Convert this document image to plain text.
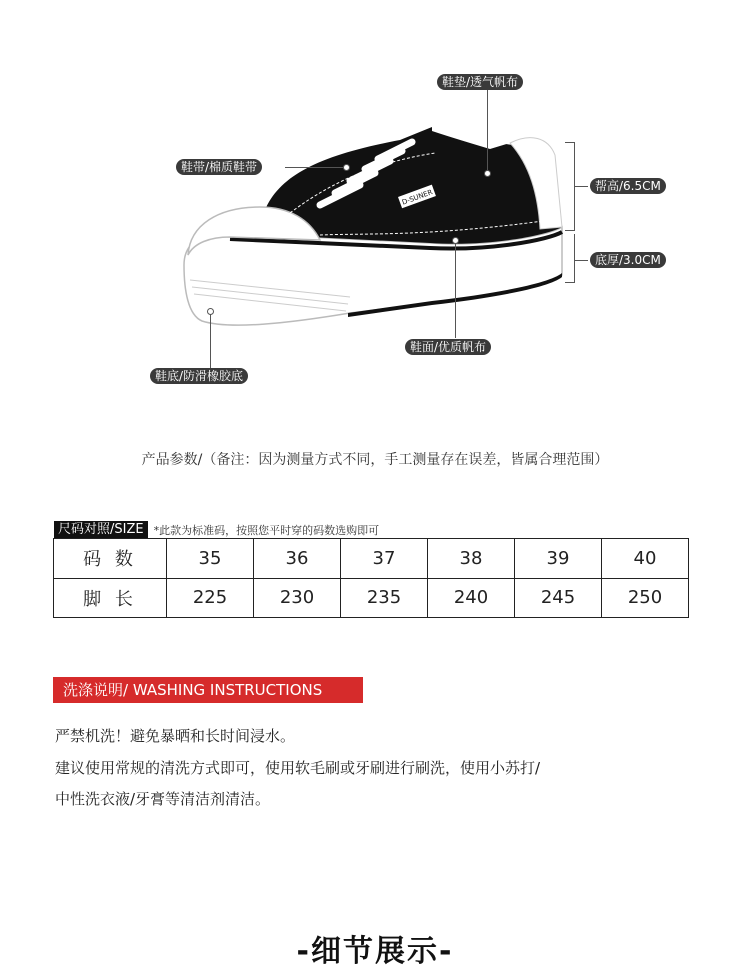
D-SUNER
鞋垫/透气帆布
鞋带/棉质鞋带
帮高/6.5CM
底厚/3.0CM
鞋面/优质帆布
鞋底/防滑橡胶底
产品参数/（备注：因为测量方式不同，手工测量存在误差，皆属合理范围）
尺码对照/SIZE *此款为标准码，按照您平时穿的码数选购即可
码 数	35	36	37	38	39	40
脚 长	225	230	235	240	245	250
洗涤说明/ WASHING INSTRUCTIONS
严禁机洗！避免暴晒和长时间浸水。
建议使用常规的清洗方式即可，使用软毛刷或牙刷进行刷洗，使用小苏打/
中性洗衣液/牙膏等清洁剂清洁。
-细节展示-
